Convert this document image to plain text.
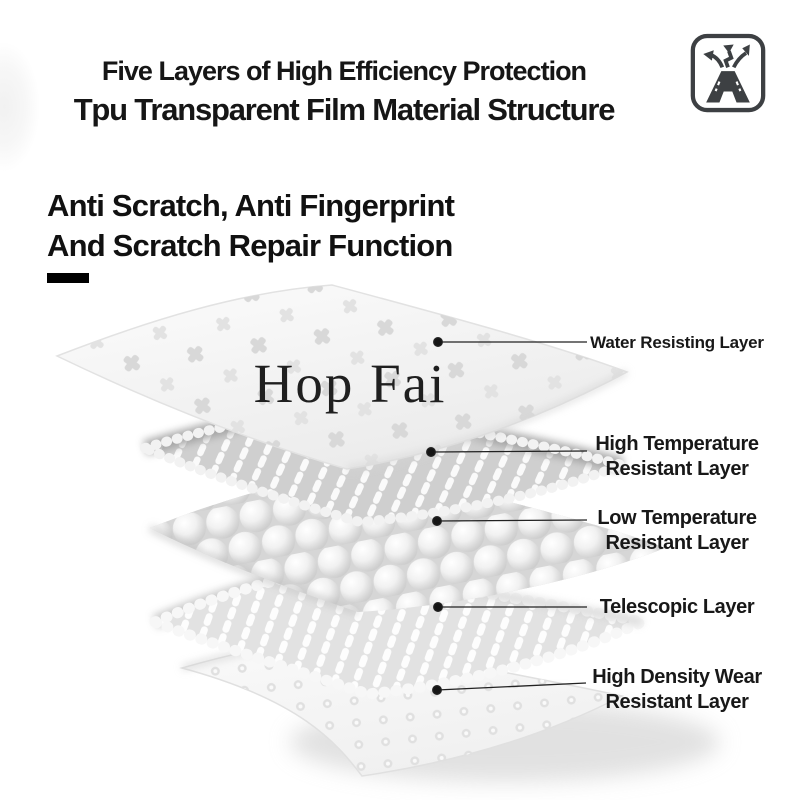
Hop Fai
Five Layers of High Efficiency Protection
Tpu Transparent Film Material Structure
Anti Scratch, Anti Fingerprint
And Scratch Repair Function
Water Resisting Layer
High Temperature
Resistant Layer
Low Temperature
Resistant Layer
Telescopic Layer
High Density Wear
Resistant Layer
